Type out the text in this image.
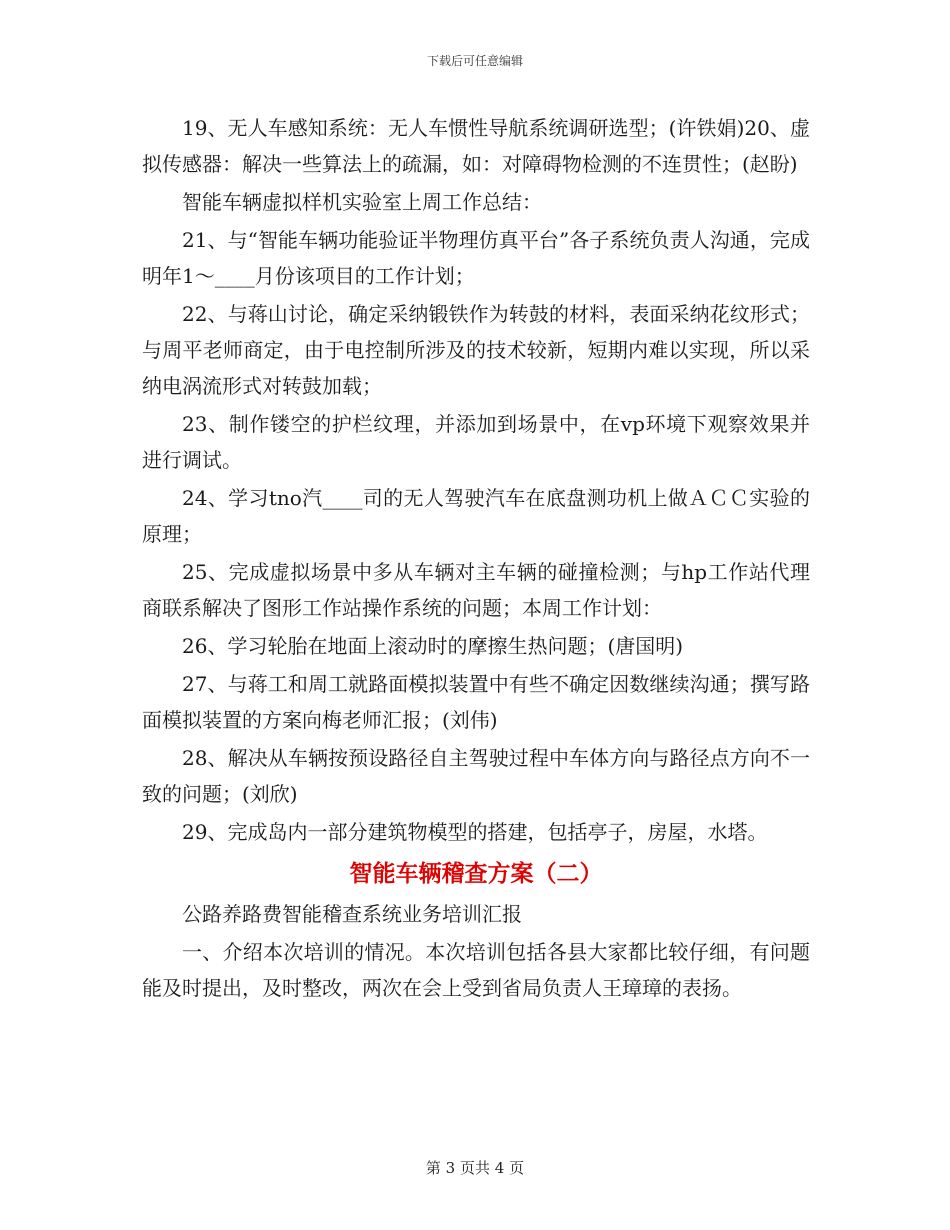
下载后可任意编辑

19、无人车感知系统：无人车惯性导航系统调研选型；(许铁娟)20、虚拟传感器：解决一些算法上的疏漏，如：对障碍物检测的不连贯性；(赵盼)

智能车辆虚拟样机实验室上周工作总结：

21、与“智能车辆功能验证半物理仿真平台”各子系统负责人沟通，完成明年1～____月份该项目的工作计划；

22、与蒋山讨论，确定采纳锻铁作为转鼓的材料，表面采纳花纹形式；与周平老师商定，由于电控制所涉及的技术较新，短期内难以实现，所以采纳电涡流形式对转鼓加载；

23、制作镂空的护栏纹理，并添加到场景中，在vp环境下观察效果并进行调试。

24、学习tno汽____司的无人驾驶汽车在底盘测功机上做ＡＣＣ实验的原理；

25、完成虚拟场景中多从车辆对主车辆的碰撞检测；与hp工作站代理商联系解决了图形工作站操作系统的问题；本周工作计划：

26、学习轮胎在地面上滚动时的摩擦生热问题；(唐国明)

27、与蒋工和周工就路面模拟装置中有些不确定因数继续沟通；撰写路面模拟装置的方案向梅老师汇报；(刘伟)

28、解决从车辆按预设路径自主驾驶过程中车体方向与路径点方向不一致的问题；(刘欣)

29、完成岛内一部分建筑物模型的搭建，包括亭子，房屋，水塔。

智能车辆稽查方案（二）

公路养路费智能稽查系统业务培训汇报

一、介绍本次培训的情况。本次培训包括各县大家都比较仔细，有问题能及时提出，及时整改，两次在会上受到省局负责人王璋璋的表扬。

第 3 页共 4 页
